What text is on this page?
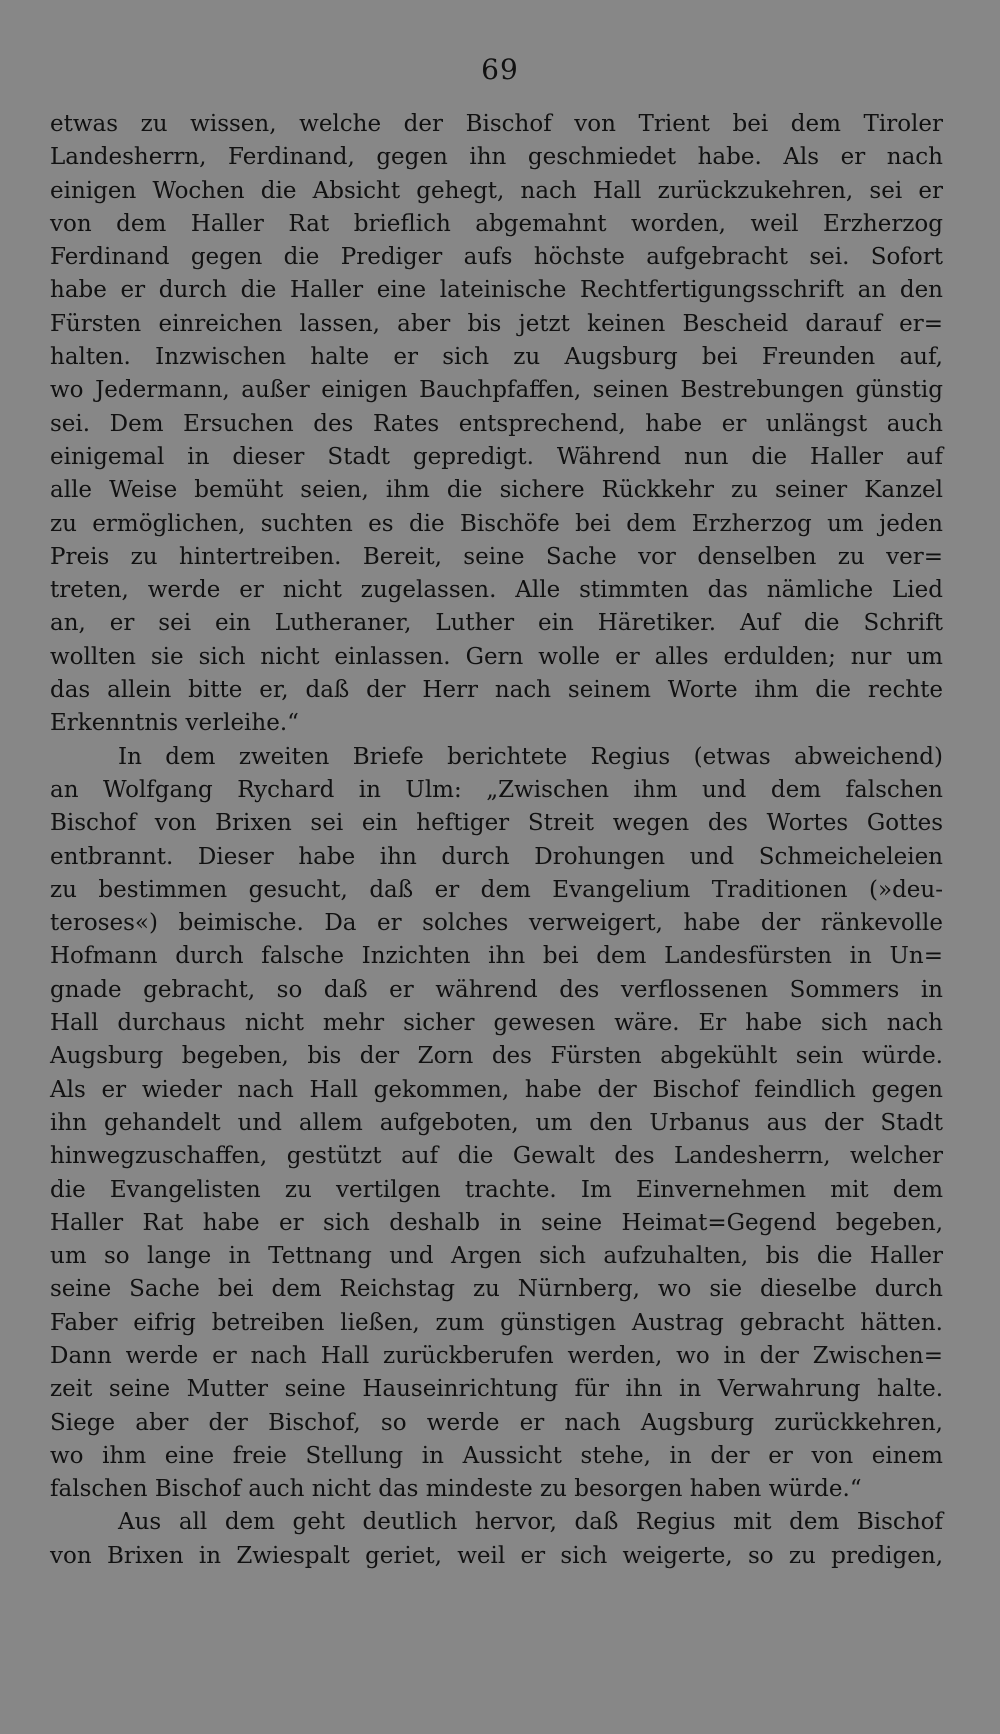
69
etwas zu wissen, welche der Bischof von Trient bei dem Tiroler
Landesherrn, Ferdinand, gegen ihn geschmiedet habe. Als er nach
einigen Wochen die Absicht gehegt, nach Hall zurückzukehren, sei er
von dem Haller Rat brieflich abgemahnt worden, weil Erzherzog
Ferdinand gegen die Prediger aufs höchste aufgebracht sei. Sofort
habe er durch die Haller eine lateinische Rechtfertigungsschrift an den
Fürsten einreichen lassen, aber bis jetzt keinen Bescheid darauf er=
halten. Inzwischen halte er sich zu Augsburg bei Freunden auf,
wo Jedermann, außer einigen Bauchpfaffen, seinen Bestrebungen günstig
sei. Dem Ersuchen des Rates entsprechend, habe er unlängst auch
einigemal in dieser Stadt gepredigt. Während nun die Haller auf
alle Weise bemüht seien, ihm die sichere Rückkehr zu seiner Kanzel
zu ermöglichen, suchten es die Bischöfe bei dem Erzherzog um jeden
Preis zu hintertreiben. Bereit, seine Sache vor denselben zu ver=
treten, werde er nicht zugelassen. Alle stimmten das nämliche Lied
an, er sei ein Lutheraner, Luther ein Häretiker. Auf die Schrift
wollten sie sich nicht einlassen. Gern wolle er alles erdulden; nur um
das allein bitte er, daß der Herr nach seinem Worte ihm die rechte
Erkenntnis verleihe.“
In dem zweiten Briefe berichtete Regius (etwas abweichend)
an Wolfgang Rychard in Ulm: „Zwischen ihm und dem falschen
Bischof von Brixen sei ein heftiger Streit wegen des Wortes Gottes
entbrannt. Dieser habe ihn durch Drohungen und Schmeicheleien
zu bestimmen gesucht, daß er dem Evangelium Traditionen (»deu-
teroses«) beimische. Da er solches verweigert, habe der ränkevolle
Hofmann durch falsche Inzichten ihn bei dem Landesfürsten in Un=
gnade gebracht, so daß er während des verflossenen Sommers in
Hall durchaus nicht mehr sicher gewesen wäre. Er habe sich nach
Augsburg begeben, bis der Zorn des Fürsten abgekühlt sein würde.
Als er wieder nach Hall gekommen, habe der Bischof feindlich gegen
ihn gehandelt und allem aufgeboten, um den Urbanus aus der Stadt
hinwegzuschaffen, gestützt auf die Gewalt des Landesherrn, welcher
die Evangelisten zu vertilgen trachte. Im Einvernehmen mit dem
Haller Rat habe er sich deshalb in seine Heimat=Gegend begeben,
um so lange in Tettnang und Argen sich aufzuhalten, bis die Haller
seine Sache bei dem Reichstag zu Nürnberg, wo sie dieselbe durch
Faber eifrig betreiben ließen, zum günstigen Austrag gebracht hätten.
Dann werde er nach Hall zurückberufen werden, wo in der Zwischen=
zeit seine Mutter seine Hauseinrichtung für ihn in Verwahrung halte.
Siege aber der Bischof, so werde er nach Augsburg zurückkehren,
wo ihm eine freie Stellung in Aussicht stehe, in der er von einem
falschen Bischof auch nicht das mindeste zu besorgen haben würde.“
Aus all dem geht deutlich hervor, daß Regius mit dem Bischof
von Brixen in Zwiespalt geriet, weil er sich weigerte, so zu predigen,
